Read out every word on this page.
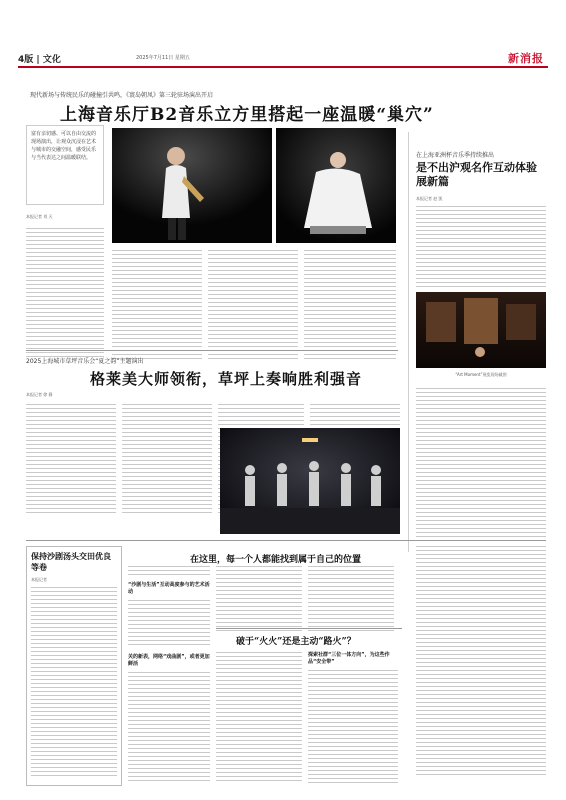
4版 | 文化	2025年7月11日 星期五	新消报
现代新场与传统民乐的碰撞引共鸣，《寰岛朝凤》第三轮驻场演出开启
上海音乐厅B2音乐立方里搭起一座温暖“巢穴”
富有亲切感、可以自由交流的现场演出，让观众沉浸在艺术与城市的交融空间，感受民乐与当代表达之间温暖联结。
本报记者 刘 天
在上海亚洲杯音乐季持续推出
是不出沪观名作互动体验展新篇
本报记者 赵 凯
“Art Moment”展览现场截图
2025上海城市草坪音乐会“夏之韵”主题演出
格莱美大师领衔，草坪上奏响胜利强音
本报记者 徐 静
保持沙剧汤头交田优良等卷
本报记者
在这里，每一个人都能找到属于自己的位置
“沙剧与生活”互动高度参与的艺术活动
关的新表，网络“戏曲剧”，或者更加鲜活
破于“火火”还是主动“路火”？
探索社群“三位一体方向”，为这些作品“安全带”
